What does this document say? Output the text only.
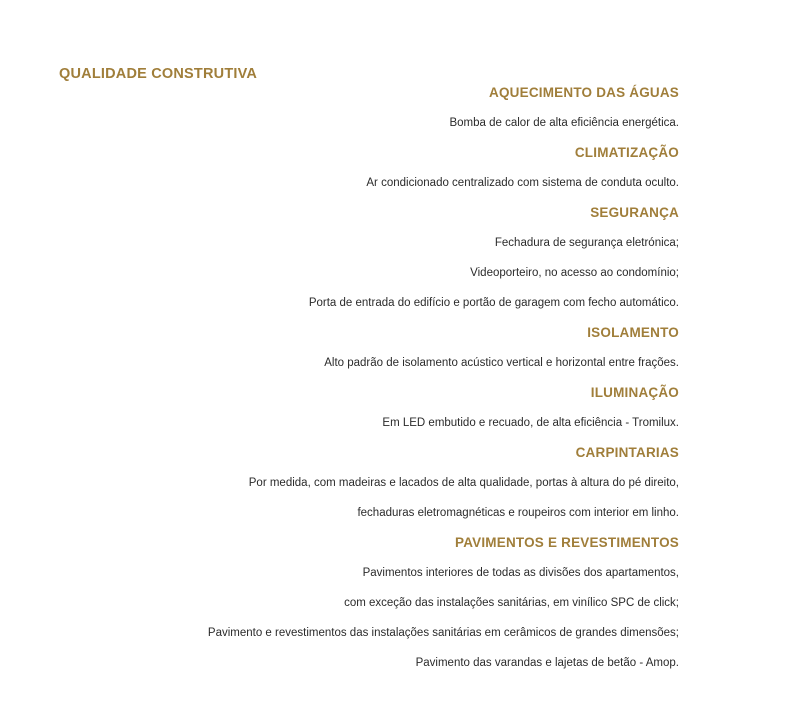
QUALIDADE CONSTRUTIVA
AQUECIMENTO DAS ÁGUAS

Bomba de calor de alta eficiência energética.

CLIMATIZAÇÃO

Ar condicionado centralizado com sistema de conduta oculto.

SEGURANÇA

Fechadura de segurança eletrónica;

Videoporteiro, no acesso ao condomínio;

Porta de entrada do edifício e portão de garagem com fecho automático.

ISOLAMENTO

Alto padrão de isolamento acústico vertical e horizontal entre frações.

ILUMINAÇÃO

Em LED embutido e recuado, de alta eficiência - Tromilux.

CARPINTARIAS

Por medida, com madeiras e lacados de alta qualidade, portas à altura do pé direito,

fechaduras eletromagnéticas e roupeiros com interior em linho.

PAVIMENTOS E REVESTIMENTOS

Pavimentos interiores de todas as divisões dos apartamentos,

com exceção das instalações sanitárias, em vinílico SPC de click;

Pavimento e revestimentos das instalações sanitárias em cerâmicos de grandes dimensões;

Pavimento das varandas e lajetas de betão - Amop.
